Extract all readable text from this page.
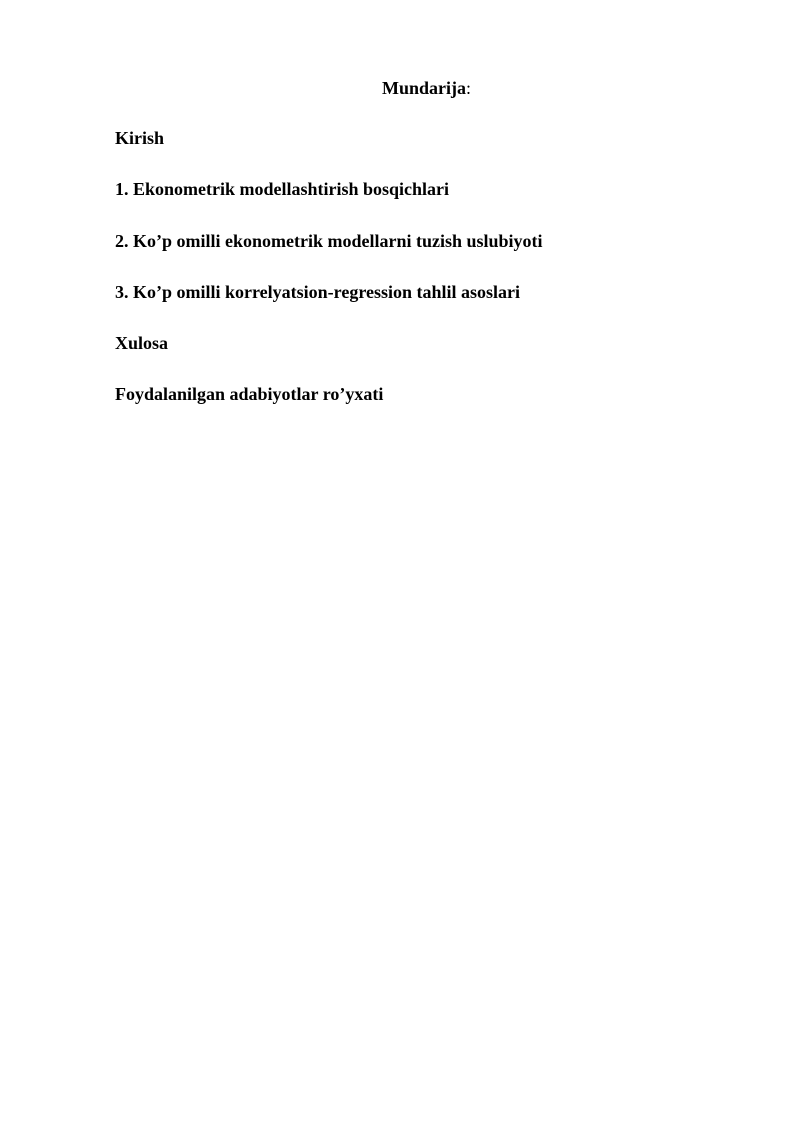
Mundarija:
Kirish
1. Ekonometrik modellashtirish bosqichlari
2. Ko’p omilli ekonometrik modellarni tuzish uslubiyoti
3. Ko’p omilli korrelyatsion-regression tahlil asoslari
Xulosa
Foydalanilgan adabiyotlar ro’yxati
